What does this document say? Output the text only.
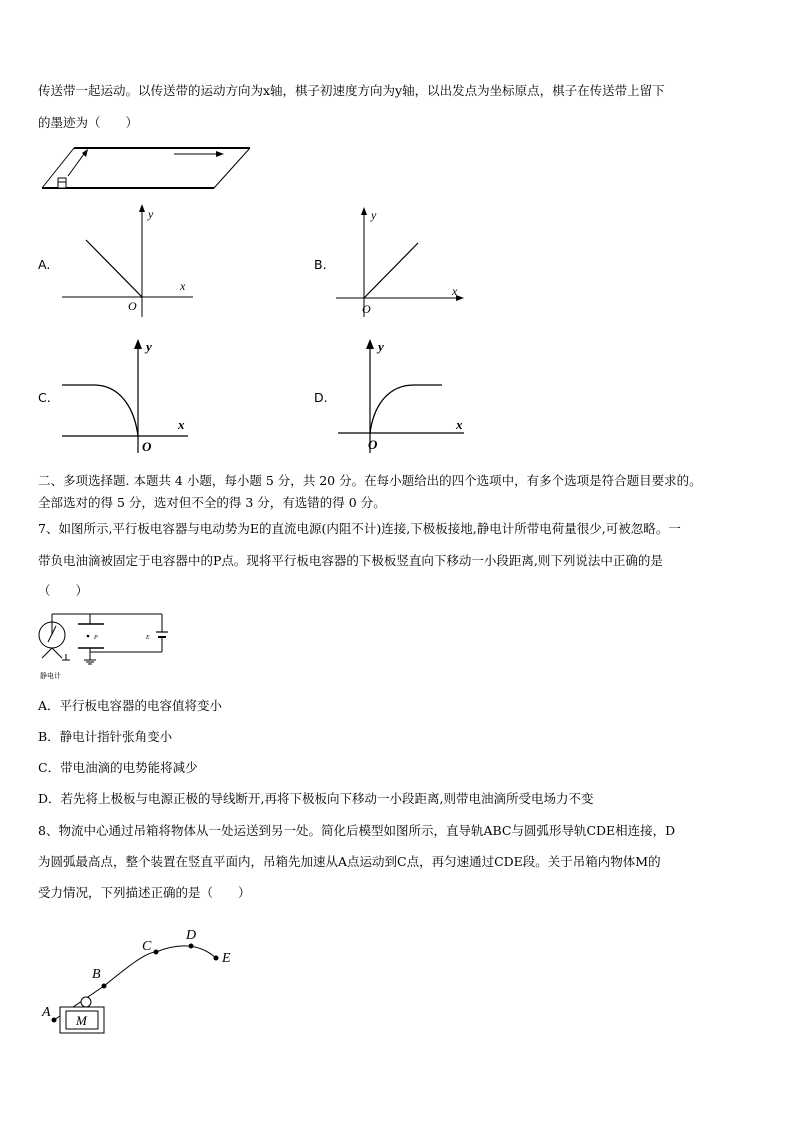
传送带一起运动。以传送带的运动方向为x轴，棋子初速度方向为y轴，以出发点为坐标原点，棋子在传送带上留下
的墨迹为（　　）
A.
y
x
O
B.
y
x
O
C.
y
x
O
D.
y
x
O
二、多项选择题. 本题共 4 小题，每小题 5 分，共 20 分。在每小题给出的四个选项中，有多个选项是符合题目要求的。
全部选对的得 5 分，选对但不全的得 3 分，有选错的得 0 分。
7、如图所示,平行板电容器与电动势为E的直流电源(内阻不计)连接,下极板接地,静电计所带电荷量很少,可被忽略。一
带负电油滴被固定于电容器中的P点。现将平行板电容器的下极板竖直向下移动一小段距离,则下列说法中正确的是
（　　）
P	E
静电计
A．平行板电容器的电容值将变小
B．静电计指针张角变小
C．带电油滴的电势能将减少
D．若先将上极板与电源正极的导线断开,再将下极板向下移动一小段距离,则带电油滴所受电场力不变
8、物流中心通过吊箱将物体从一处运送到另一处。简化后模型如图所示，直导轨ABC与圆弧形导轨CDE相连接，D
为圆弧最高点，整个装置在竖直平面内，吊箱先加速从A点运动到C点，再匀速通过CDE段。关于吊箱内物体M的
受力情况，下列描述正确的是（　　）
M
A
B
C
D
E
